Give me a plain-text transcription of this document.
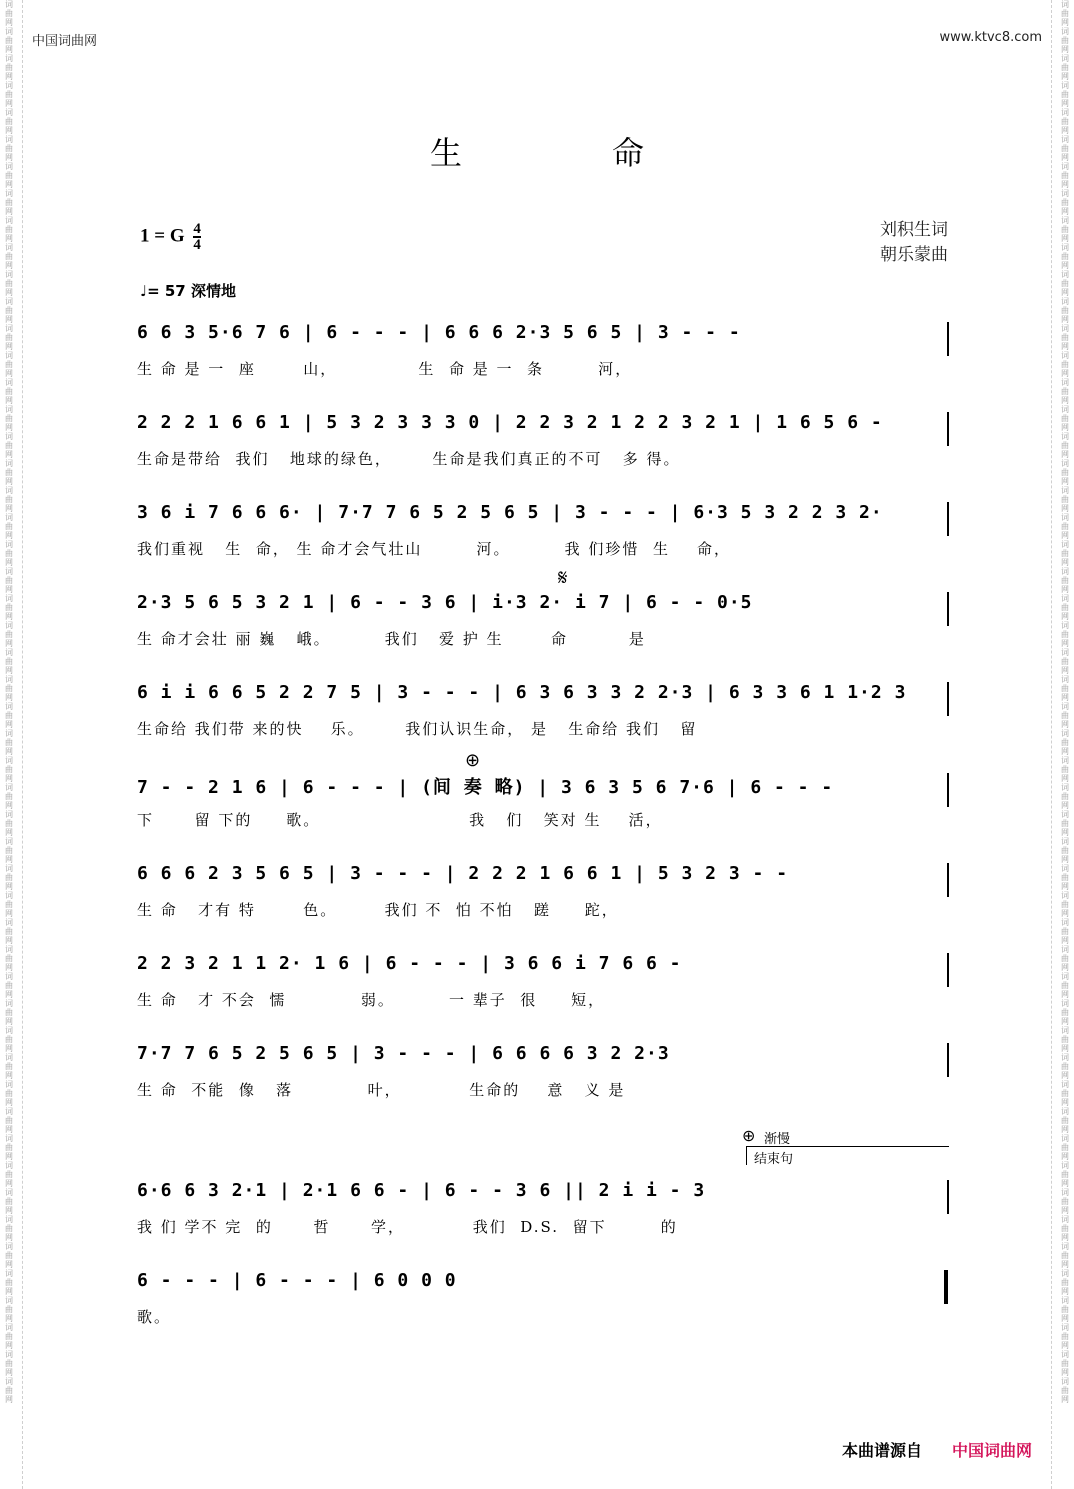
词曲网词曲网词曲网词曲网词曲网词曲网词曲网词曲网词曲网词曲网词曲网词曲网词曲网词曲网词曲网词曲网词曲网词曲网词曲网词曲网词曲网词曲网词曲网词曲网词曲网词曲网词曲网词曲网词曲网词曲网词曲网词曲网词曲网词曲网词曲网词曲网词曲网词曲网词曲网词曲网词曲网词曲网词曲网词曲网词曲网词曲网词曲网词曲网词曲网词曲网词曲网词曲网
词曲网词曲网词曲网词曲网词曲网词曲网词曲网词曲网词曲网词曲网词曲网词曲网词曲网词曲网词曲网词曲网词曲网词曲网词曲网词曲网词曲网词曲网词曲网词曲网词曲网词曲网词曲网词曲网词曲网词曲网词曲网词曲网词曲网词曲网词曲网词曲网词曲网词曲网词曲网词曲网词曲网词曲网词曲网词曲网词曲网词曲网词曲网词曲网词曲网词曲网词曲网词曲网
中国词曲网	www.ktvc8.com
生命
1 = G $\frac{4}{4}$	刘积生词
朝乐蒙曲
♩= 57 深情地
6 6 3 5·6 7 6 | 6 - - - | 6 6 6 2·3 5 6 5 | 3 - - -
生 命 是 一  座       山，            生  命 是 一  条        河，
2 2 2 1 6 6 1 | 5 3 2 3 3 3 0 | 2 2 3 2 1 2 2 3 2 1 | 1 6 5 6 -
生命是带给  我们   地球的绿色，      生命是我们真正的不可   多 得。
3 6 i 7 6 6 6· | 7·7 7 6 5 2 5 6 5 | 3 - - - | 6·3 5 3 2 2 3 2·
我们重视   生  命， 生 命才会气壮山        河。        我 们珍惜  生    命，
2·3 5 6 5 3 2 1 | 6 - - 3 6 | i·3 2· i 7 | 6 - - 0·5
生 命才会壮 丽 巍   峨。        我们   爱 护 生       命         是
6 i i 6 6 5 2 2 7 5 | 3 - - - | 6 3 6 3 3 2 2·3 | 6 3 3 6 1 1·2 3
生命给 我们带 来的快    乐。      我们认识生命， 是   生命给 我们   留
7 - - 2 1 6 | 6 - - - | (间 奏 略) | 3 6 3 5 6 7·6 | 6 - - -
下      留 下的     歌。                      我   们   笑对 生    活，
6 6 6 2 3 5 6 5 | 3 - - - | 2 2 2 1 6 6 1 | 5 3 2 3 - -
生 命   才有 特       色。       我们 不  怕 不怕   蹉     跎，
2 2 3 2 1 1 2· 1 6 | 6 - - - | 3 6 6 i 7 6 6 -
生 命   才 不会  懦           弱。        一 辈子  很     短，
7·7 7 6 5 2 5 6 5 | 3 - - - | 6 6 6 6 3 2 2·3
生 命  不能  像   落           叶，          生命的    意   义 是
6·6 6 3 2·1 | 2·1 6 6 - | 6 - - 3 6 || 2 i i - 3
我 们 学不 完  的      哲      学，          我们  D.S.  留下        的
6 - - - | 6 - - - | 6 0 0 0
歌。
𝄋
⊕
⊕ 渐慢
结束句
本曲谱源自 中国词曲网
